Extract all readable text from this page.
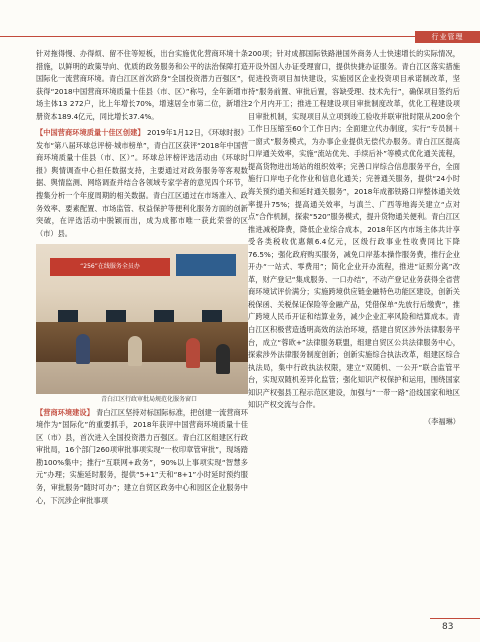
行业管理

针对拖得慢、办得烦、留不住等短板，出台实施优化营商环境十条措施，以鲜明的政策导向、优质的政务服务和公平的法治保障打造国际化一流营商环境。青白江区首次跻身“全国投资潜力百强区”，获得“2018中国营商环境质量十佳县（市、区）”称号，全年新增市场主体13 272户，比上年增长70%，增速居全市第二位，新增注册资本189.4亿元，同比增长37.4%。

【中国营商环境质量十佳区创建】 2019年1月12日，《环球时报》发布“第八届环球总评榜·城市榜单”，青白江区获评“2018年中国营商环境质量十佳县（市、区）”。环球总评榜评选活动由《环球时报》舆情调查中心担任数据支持，主要通过对政务服务等客观数据、舆情监测、网络调查并结合各领域专家学者的意见四个环节，搜集分析一个年度周期的相关数据。青白江区通过在市场准入、政务效率、要素配置、市场监管、权益保护等便利化服务方面的创新突破，在评选活动中脱颖而出，成为成都市唯一获此荣誉的区（市）县。

“256”在线服务全员办

青白江区行政审批局规范化服务窗口

【营商环境建设】 青白江区坚持对标国际标准，把创建一流营商环境作为“国际化”的重要抓手，2018年获评中国营商环境质量十佳区（市）县，首次进入全国投资潜力百强区。青白江区组建区行政审批局，16个部门260项审批事项实现“一枚印章管审批”，现场踏勘100%集中；推行“互联网+政务”，90%以上事项实现“智慧多元”办理；实施延时服务，提供“5+1”天和“8+1”小时延时预约服务，审批服务“随时可办”；建立自贸区政务中心和园区企业服务中心，下沉涉企审批事项

200项；针对成都国际铁路港国外商务人士快速增长的实际情况，开设外国人办证受理窗口，提供快捷办证服务。青白江区落实措施促进投资项目加快建设，实施园区企业投资项目承诺制改革，坚持“服务前置、审批后置，容缺受理、技术先行”，确保项目签约后2个月内开工；推进工程建设项目审批制度改革，优化工程建设项目审批机制，实现项目从立项到竣工验收并联审批时限从200余个工作日压缩至60个工作日内；全面建立代办制度，实行“专员制＋一窗式”服务模式，为办事企业提供无偿代办服务。青白江区提高口岸通关效率，实施“流站优先、手续后补”等模式优化通关流程，提高货物进出场站的组织效率；完善口岸综合信息服务平台，全面施行口岸电子化作业和信息化通关；完善通关服务，提供“24小时海关预约通关和延时通关服务”，2018年成都铁路口岸整体通关效率提升75%；提高通关效率，与滇兰、广西等地海关建立“点对点”合作机制，探索“520”服务模式，提升货物通关便利。青白江区推进减税降费，降低企业综合成本，2018年区内市场主体共计享受各类税收优惠额6.4亿元，区级行政事业性收费同比下降76.5%；强化政府购买服务，减免口岸基本操作服务费，推行企业开办“一站式、零费用”；简化企业开办流程，推进“证照分离”改革，财产登记“集成服务、一口办结”，不动产登记业务获得全省营商环境试评价满分；实施跨境供应链金融特色功能区建设，创新关税保函、关税保证保险等金融产品，凭借保单“先放行后缴费”，推广跨境人民币开证和结算业务，减少企业汇率风险和结算成本。青白江区积极营造透明高效的法治环境，搭建自贸区涉外法律服务平台，成立“蓉欧+”法律服务联盟，组建自贸区公共法律服务中心，探索涉外法律服务制度创新；创新实施综合执法改革，组建区综合执法局，集中行政执法权限，建立“双随机、一公开”联合监管平台，实现双随机差异化监管；强化知识产权保护和运用，围绕国家知识产权强县工程示范区建设，加强与“一带一路”沿线国家和地区知识产权交流与合作。

（李福琳）

83
